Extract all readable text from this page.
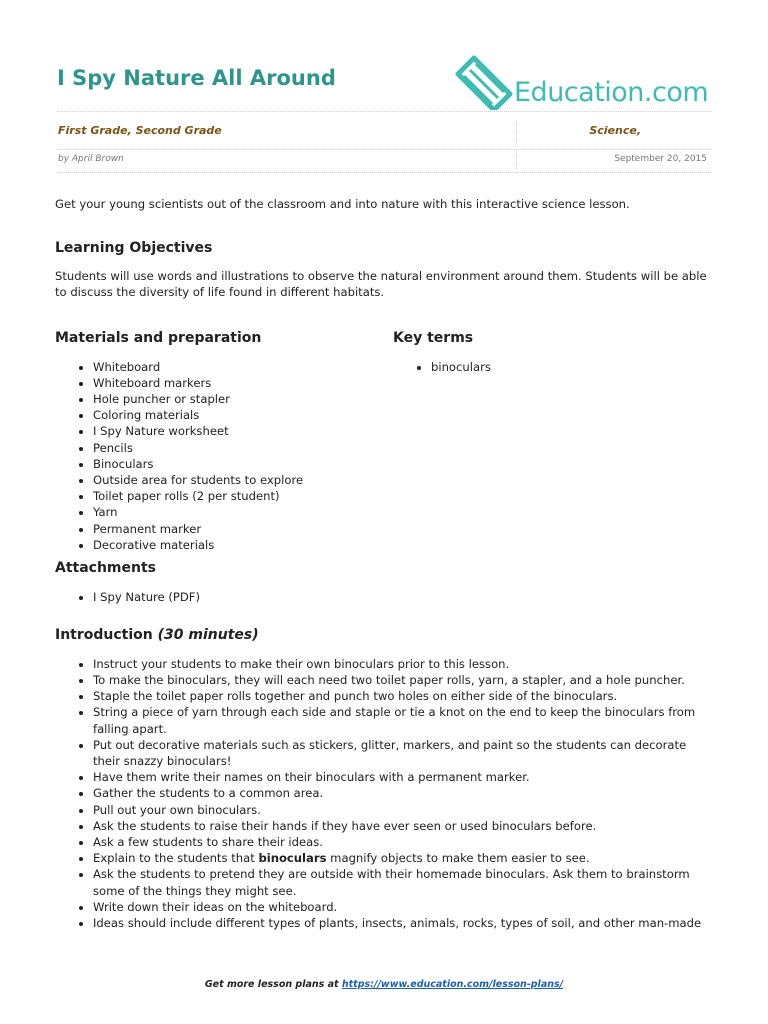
I Spy Nature All Around	Education.com
First Grade, Second Grade	Science,
by April Brown	September 20, 2015

Get your young scientists out of the classroom and into nature with this interactive science lesson.

Learning Objectives

Students will use words and illustrations to observe the natural environment around them. Students will be able to discuss the diversity of life found in different habitats.

Materials and preparation
• Whiteboard
• Whiteboard markers
• Hole puncher or stapler
• Coloring materials
• I Spy Nature worksheet
• Pencils
• Binoculars
• Outside area for students to explore
• Toilet paper rolls (2 per student)
• Yarn
• Permanent marker
• Decorative materials
Key terms
• binoculars
Attachments
• I Spy Nature (PDF)
Introduction (30 minutes)
• Instruct your students to make their own binoculars prior to this lesson.
• To make the binoculars, they will each need two toilet paper rolls, yarn, a stapler, and a hole puncher.
• Staple the toilet paper rolls together and punch two holes on either side of the binoculars.
• String a piece of yarn through each side and staple or tie a knot on the end to keep the binoculars from falling apart.
• Put out decorative materials such as stickers, glitter, markers, and paint so the students can decorate their snazzy binoculars!
• Have them write their names on their binoculars with a permanent marker.
• Gather the students to a common area.
• Pull out your own binoculars.
• Ask the students to raise their hands if they have ever seen or used binoculars before.
• Ask a few students to share their ideas.
• Explain to the students that binoculars magnify objects to make them easier to see.
• Ask the students to pretend they are outside with their homemade binoculars. Ask them to brainstorm some of the things they might see.
• Write down their ideas on the whiteboard.
• Ideas should include different types of plants, insects, animals, rocks, types of soil, and other man-made
Get more lesson plans at https://www.education.com/lesson-plans/
